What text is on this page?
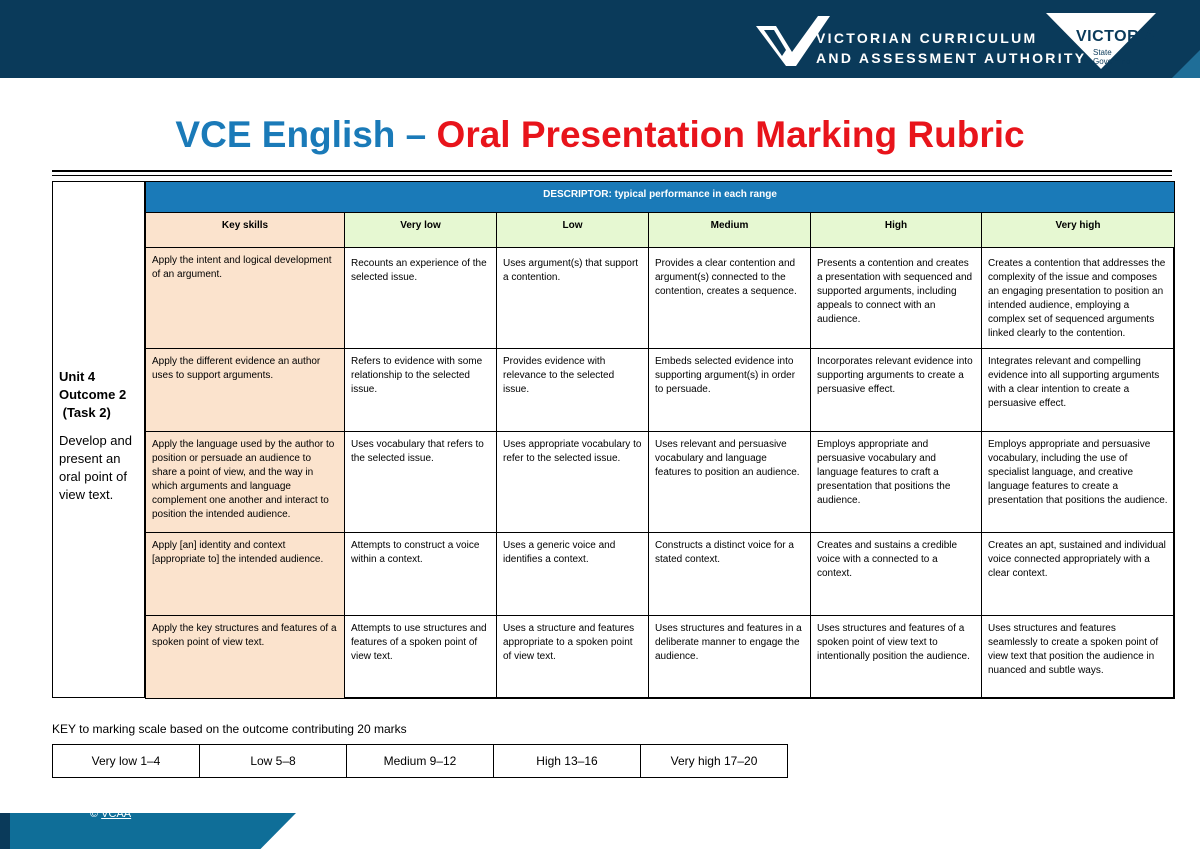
VICTORIAN CURRICULUM
AND ASSESSMENT AUTHORITY
VICTORIA
State
Government
VCE English – Oral Presentation Marking Rubric
Unit 4
Outcome 2
(Task 2)
Develop and present an oral point of view text.
DESCRIPTOR: typical performance in each range					
Key skills	Very low	Low	Medium	High	Very high
Apply the intent and logical development of an argument.	Recounts an experience of the selected issue.	Uses argument(s) that support a contention.	Provides a clear contention and argument(s) connected to the contention, creates a sequence.	Presents a contention and creates a presentation with sequenced and supported arguments, including appeals to connect with an audience.	Creates a contention that addresses the complexity of the issue and composes an engaging presentation to position an intended audience, employing a complex set of sequenced arguments linked clearly to the contention.
Apply the different evidence an author uses to support arguments.	Refers to evidence with some relationship to the selected issue.	Provides evidence with relevance to the selected issue.	Embeds selected evidence into supporting argument(s) in order to persuade.	Incorporates relevant evidence into supporting arguments to create a persuasive effect.	Integrates relevant and compelling evidence into all supporting arguments with a clear intention to create a persuasive effect.
Apply the language used by the author to position or persuade an audience to share a point of view, and the way in which arguments and language complement one another and interact to position the intended audience.	Uses vocabulary that refers to the selected issue.	Uses appropriate vocabulary to refer to the selected issue.	Uses relevant and persuasive vocabulary and language features to position an audience.	Employs appropriate and persuasive vocabulary and language features to craft a presentation that positions the audience.	Employs appropriate and persuasive vocabulary, including the use of specialist language, and creative language features to create a presentation that positions the audience.
Apply [an] identity and context [appropriate to] the intended audience.	Attempts to construct a voice within a context.	Uses a generic voice and identifies a context.	Constructs a distinct voice for a stated context.	Creates and sustains a credible voice with a connected to a context.	Creates an apt, sustained and individual voice connected appropriately with a clear context.
Apply the key structures and features of a spoken point of view text.	Attempts to use structures and features of a spoken point of view text.	Uses a structure and features appropriate to a spoken point of view text.	Uses structures and features in a deliberate manner to engage the audience.	Uses structures and features of a spoken point of view text to intentionally position the audience.	Uses structures and features seamlessly to create a spoken point of view text that position the audience in nuanced and subtle ways.
KEY to marking scale based on the outcome contributing 20 marks
Very low 1–4	Low 5–8	Medium 9–12	High 13–16	Very high 17–20
© VCAA
